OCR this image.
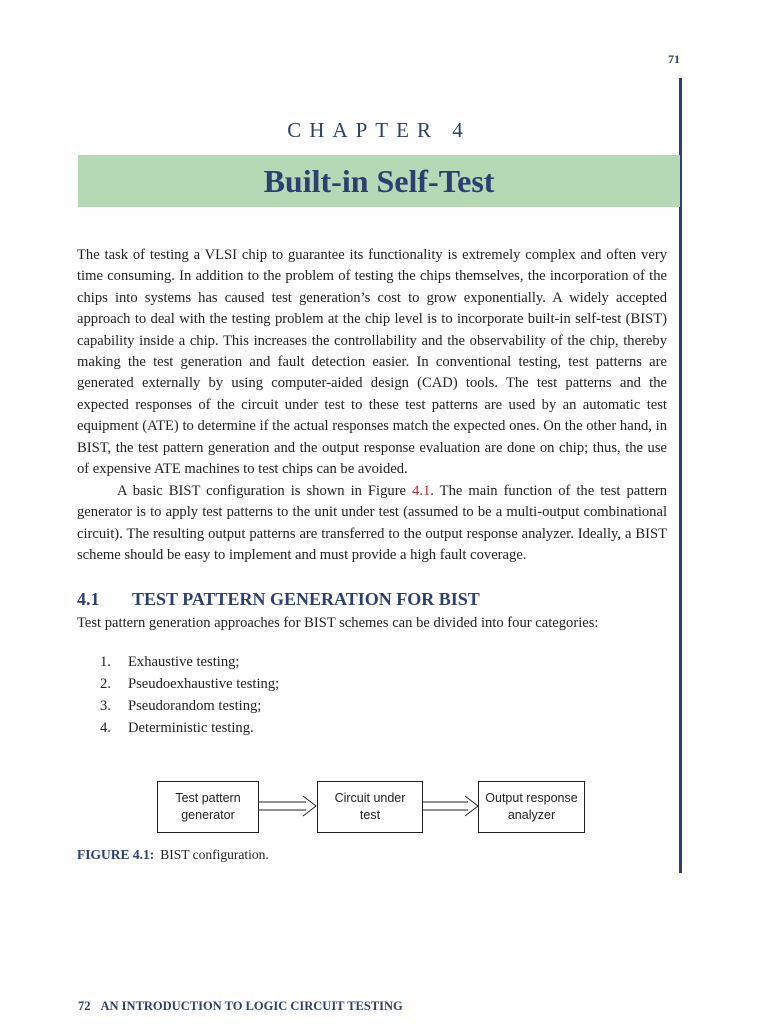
71
CHAPTER 4
Built-in Self-Test
The task of testing a VLSI chip to guarantee its functionality is extremely complex and often very time consuming. In addition to the problem of testing the chips themselves, the incorporation of the chips into systems has caused test generation’s cost to grow exponentially. A widely accepted approach to deal with the testing problem at the chip level is to incorporate built-in self-test (BIST) capability inside a chip. This increases the controllability and the observability of the chip, thereby making the test generation and fault detection easier. In conventional testing, test patterns are generated externally by using computer-aided design (CAD) tools. The test patterns and the expected responses of the circuit under test to these test patterns are used by an automatic test equipment (ATE) to determine if the actual responses match the expected ones. On the other hand, in BIST, the test pattern generation and the output response evaluation are done on chip; thus, the use of expensive ATE machines to test chips can be avoided.
A basic BIST configuration is shown in Figure 4.1. The main function of the test pattern generator is to apply test patterns to the unit under test (assumed to be a multi-output combinational circuit). The resulting output patterns are transferred to the output response analyzer. Ideally, a BIST scheme should be easy to implement and must provide a high fault coverage.
4.1 TEST PATTERN GENERATION FOR BIST
Test pattern generation approaches for BIST schemes can be divided into four categories:
1. Exhaustive testing;
2. Pseudoexhaustive testing;
3. Pseudorandom testing;
4. Deterministic testing.
Test pattern
generator
Circuit under
test
Output response
analyzer
FIGURE 4.1: BIST configuration.
72 AN INTRODUCTION TO LOGIC CIRCUIT TESTING
